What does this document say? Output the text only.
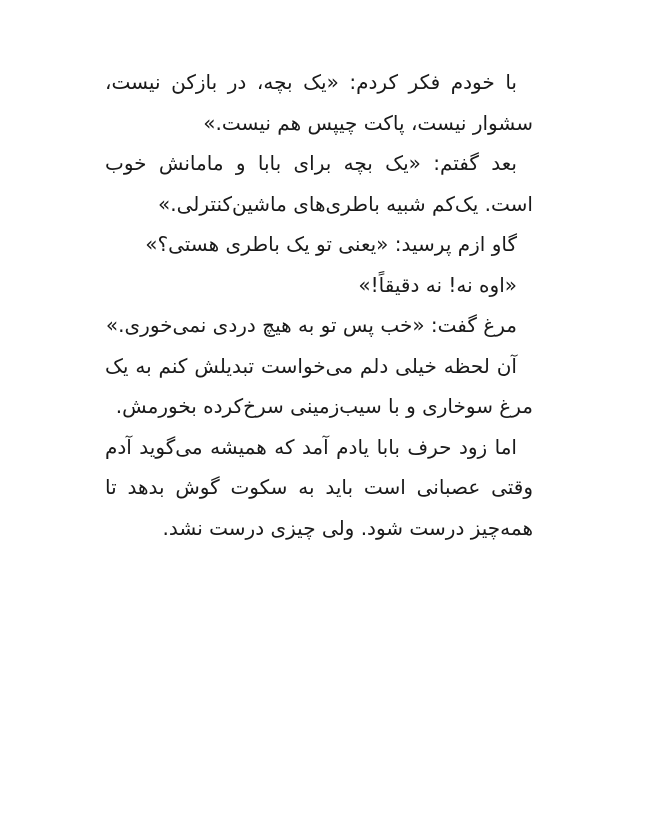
با خودم فکر کردم: «یک بچه، در بازکن نیست، سشوار نیست، پاکت چیپس هم نیست.»

بعد گفتم: «یک بچه برای بابا و مامانش خوب است. یک‌کم شبیه باطری‌های ماشین‌کنترلی.»

گاو ازم پرسید: «یعنی تو یک باطری هستی؟»

«اوه نه! نه دقیقاً!»

مرغ گفت: «خب پس تو به هیچ دردی نمی‌خوری.»

آن لحظه خیلی دلم می‌خواست تبدیلش کنم به یک مرغ سوخاری و با سیب‌زمینی سرخ‌کرده بخورمش.

اما زود حرف بابا یادم آمد که همیشه می‌گوید آدم وقتی عصبانی است باید به سکوت گوش بدهد تا همه‌چیز درست شود. ولی چیزی درست نشد.
